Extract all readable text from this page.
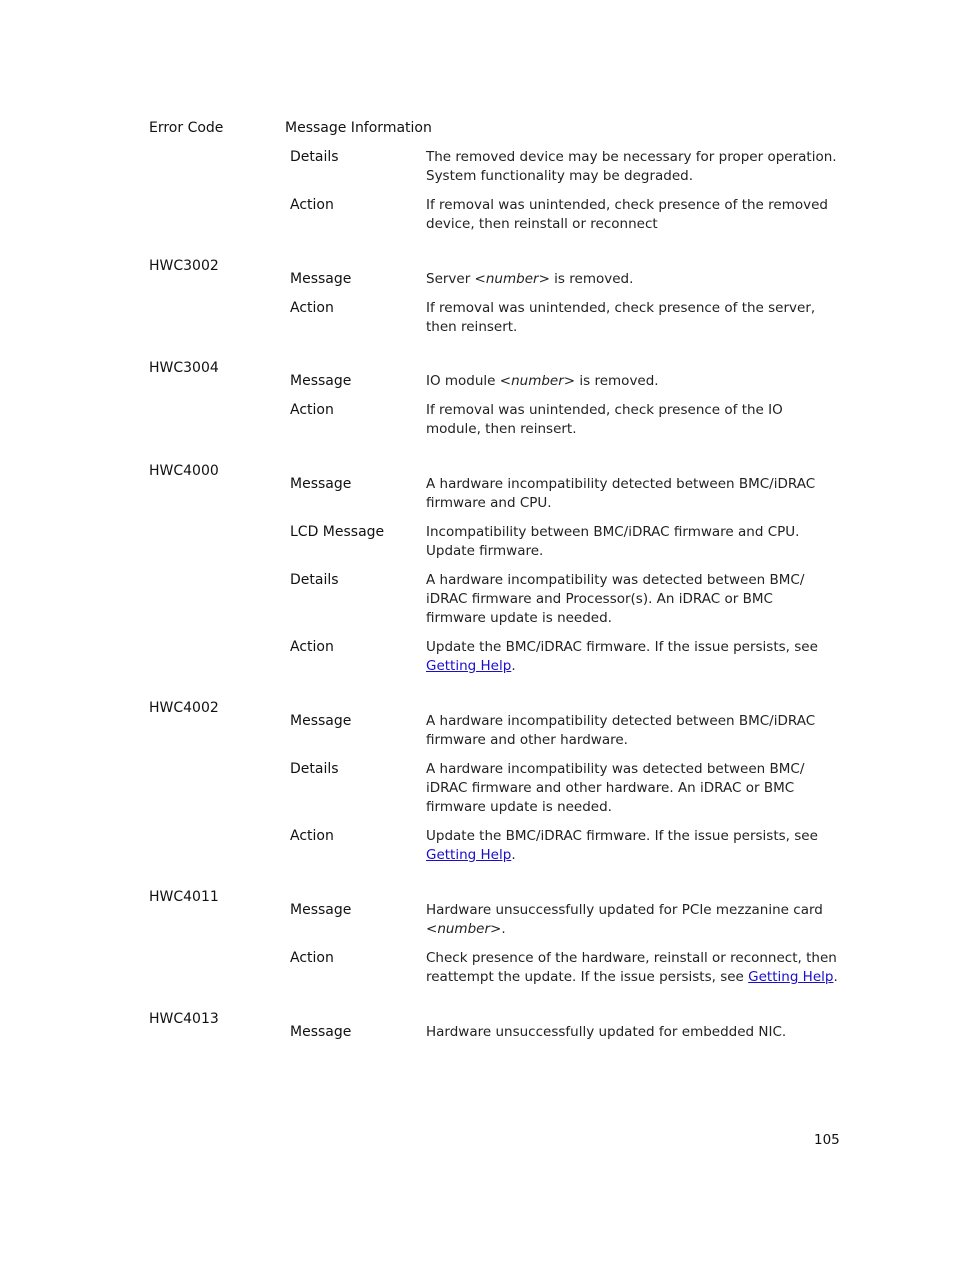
Error Code	Message Information
Details	The removed device may be necessary for proper operation.
System functionality may be degraded.
Action	If removal was unintended, check presence of the removed
device, then reinstall or reconnect
HWC3002
Message	Server <number> is removed.
Action	If removal was unintended, check presence of the server,
then reinsert.
HWC3004
Message	IO module <number> is removed.
Action	If removal was unintended, check presence of the IO
module, then reinsert.
HWC4000
Message	A hardware incompatibility detected between BMC/iDRAC
firmware and CPU.
LCD Message	Incompatibility between BMC/iDRAC firmware and CPU.
Update firmware.
Details	A hardware incompatibility was detected between BMC/
iDRAC firmware and Processor(s). An iDRAC or BMC
firmware update is needed.
Action	Update the BMC/iDRAC firmware. If the issue persists, see
Getting Help.
HWC4002
Message	A hardware incompatibility detected between BMC/iDRAC
firmware and other hardware.
Details	A hardware incompatibility was detected between BMC/
iDRAC firmware and other hardware. An iDRAC or BMC
firmware update is needed.
Action	Update the BMC/iDRAC firmware. If the issue persists, see
Getting Help.
HWC4011
Message	Hardware unsuccessfully updated for PCIe mezzanine card
<number>.
Action	Check presence of the hardware, reinstall or reconnect, then
reattempt the update. If the issue persists, see Getting Help.
HWC4013
Message	Hardware unsuccessfully updated for embedded NIC.
105
